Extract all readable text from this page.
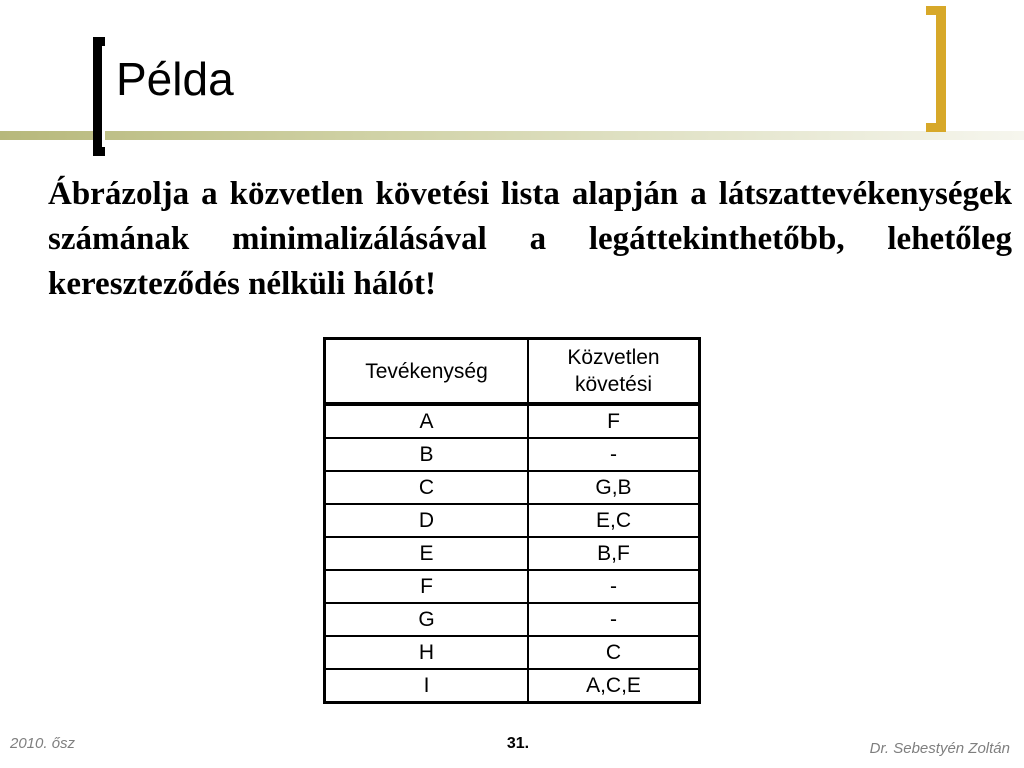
Példa

Ábrázolja a közvetlen követési lista alapján a látszattevékenységek számának minimalizálásával a legáttekinthetőbb, lehetőleg kereszteződés nélküli hálót!

Tevékenység	Közvetlen
követési
A	F
B	-
C	G,B
D	E,C
E	B,F
F	-
G	-
H	C
I	A,C,E
2010. ősz	31.	Dr. Sebestyén Zoltán
